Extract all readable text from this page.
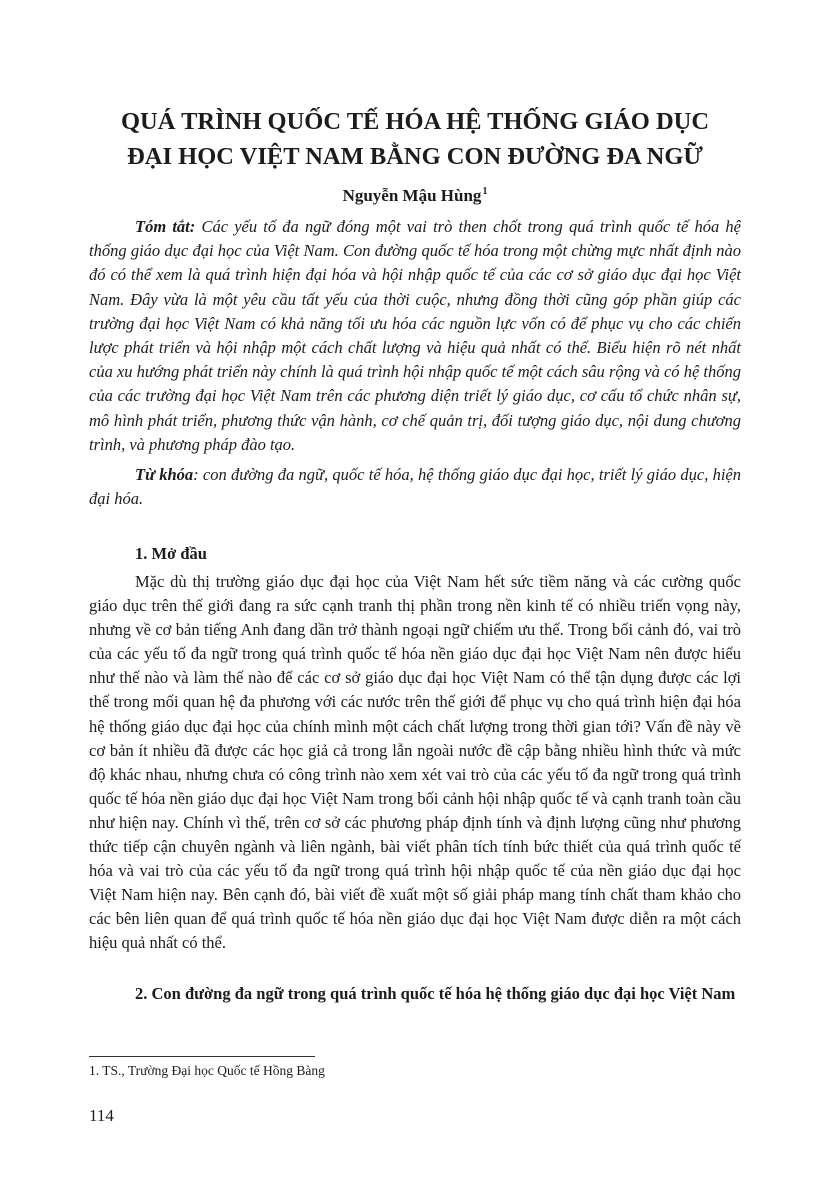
QUÁ TRÌNH QUỐC TẾ HÓA HỆ THỐNG GIÁO DỤC
ĐẠI HỌC VIỆT NAM BẰNG CON ĐƯỜNG ĐA NGỮ

Nguyễn Mậu Hùng$^1$

Tóm tắt: Các yếu tố đa ngữ đóng một vai trò then chốt trong quá trình quốc tế hóa hệ thống giáo dục đại học của Việt Nam. Con đường quốc tế hóa trong một chừng mực nhất định nào đó có thể xem là quá trình hiện đại hóa và hội nhập quốc tế của các cơ sở giáo dục đại học Việt Nam. Đây vừa là một yêu cầu tất yếu của thời cuộc, nhưng đồng thời cũng góp phần giúp các trường đại học Việt Nam có khả năng tối ưu hóa các nguồn lực vốn có để phục vụ cho các chiến lược phát triển và hội nhập một cách chất lượng và hiệu quả nhất có thể. Biểu hiện rõ nét nhất của xu hướng phát triển này chính là quá trình hội nhập quốc tế một cách sâu rộng và có hệ thống của các trường đại học Việt Nam trên các phương diện triết lý giáo dục, cơ cấu tổ chức nhân sự, mô hình phát triển, phương thức vận hành, cơ chế quản trị, đối tượng giáo dục, nội dung chương trình, và phương pháp đào tạo.

Từ khóa: con đường đa ngữ, quốc tế hóa, hệ thống giáo dục đại học, triết lý giáo dục, hiện đại hóa.

1. Mở đầu

Mặc dù thị trường giáo dục đại học của Việt Nam hết sức tiềm năng và các cường quốc giáo dục trên thế giới đang ra sức cạnh tranh thị phần trong nền kinh tế có nhiều triển vọng này, nhưng về cơ bản tiếng Anh đang dần trở thành ngoại ngữ chiếm ưu thế. Trong bối cảnh đó, vai trò của các yếu tố đa ngữ trong quá trình quốc tế hóa nền giáo dục đại học Việt Nam nên được hiểu như thế nào và làm thế nào để các cơ sở giáo dục đại học Việt Nam có thể tận dụng được các lợi thế trong mối quan hệ đa phương với các nước trên thế giới để phục vụ cho quá trình hiện đại hóa hệ thống giáo dục đại học của chính mình một cách chất lượng trong thời gian tới? Vấn đề này về cơ bản ít nhiều đã được các học giả cả trong lẫn ngoài nước đề cập bằng nhiều hình thức và mức độ khác nhau, nhưng chưa có công trình nào xem xét vai trò của các yếu tố đa ngữ trong quá trình quốc tế hóa nền giáo dục đại học Việt Nam trong bối cảnh hội nhập quốc tế và cạnh tranh toàn cầu như hiện nay. Chính vì thế, trên cơ sở các phương pháp định tính và định lượng cũng như phương thức tiếp cận chuyên ngành và liên ngành, bài viết phân tích tính bức thiết của quá trình quốc tế hóa và vai trò của các yếu tố đa ngữ trong quá trình hội nhập quốc tế của nền giáo dục đại học Việt Nam hiện nay. Bên cạnh đó, bài viết đề xuất một số giải pháp mang tính chất tham khảo cho các bên liên quan để quá trình quốc tế hóa nền giáo dục đại học Việt Nam được diễn ra một cách hiệu quả nhất có thể.

2. Con đường đa ngữ trong quá trình quốc tế hóa hệ thống giáo dục đại học Việt Nam

1. TS., Trường Đại học Quốc tế Hồng Bàng

114
